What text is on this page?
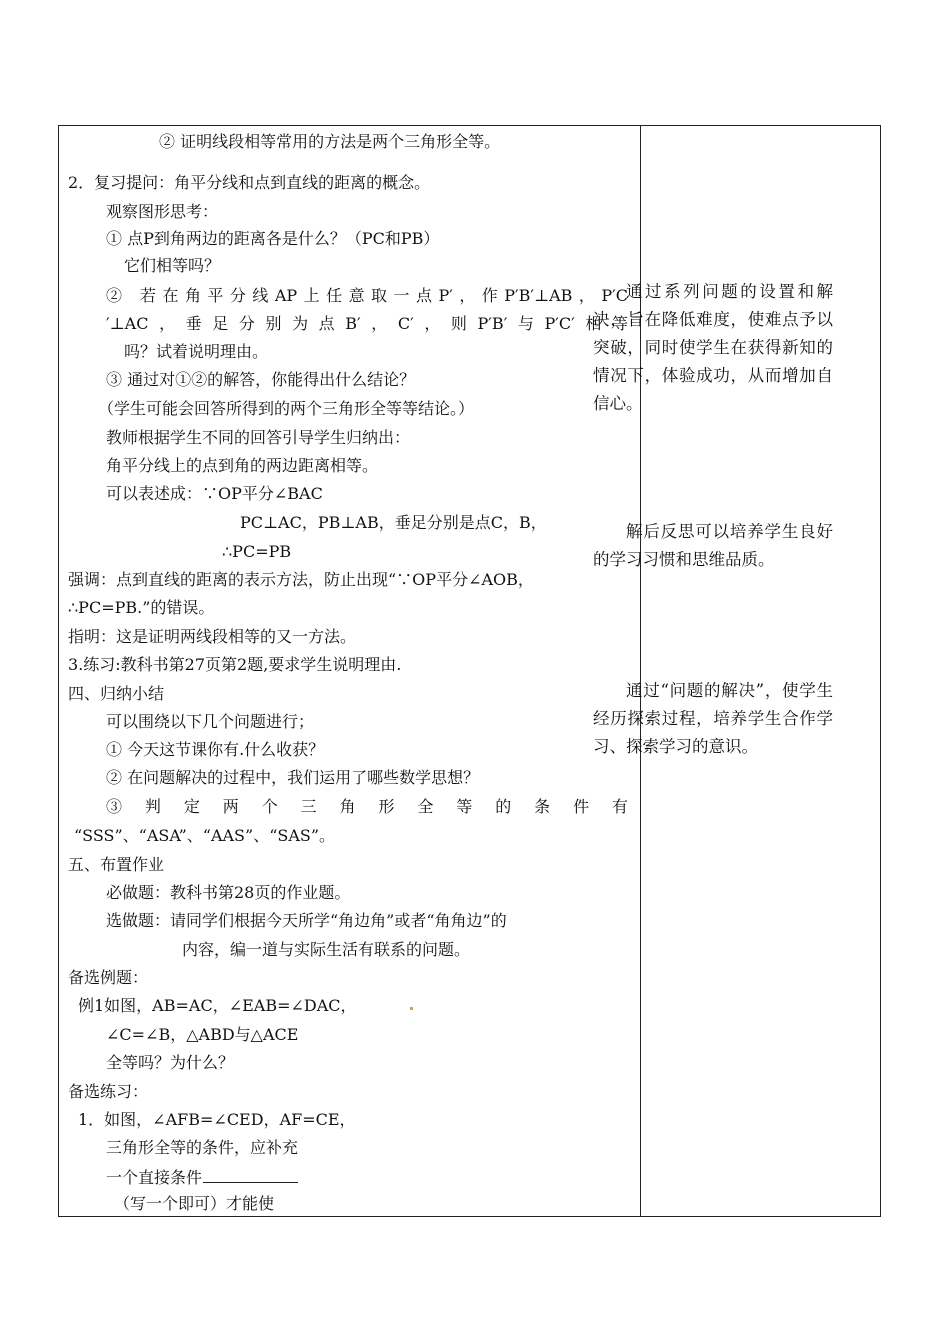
② 证明线段相等常用的方法是两个三角形全等。
2．复习提问：角平分线和点到直线的距离的概念。
观察图形思考：
① 点P到角两边的距离各是什么？（PC和PB）
它们相等吗？
② 若在角平分线AP上任意取一点P′，作P′B′⊥AB，P′C
′⊥AC，垂足分别为点B′，C′，则P′B′与P′C′相等
吗？试着说明理由。
③ 通过对①②的解答，你能得出什么结论？
（学生可能会回答所得到的两个三角形全等等结论。）
教师根据学生不同的回答引导学生归纳出：
角平分线上的点到角的两边距离相等。
可以表述成：∵OP平分∠BAC
PC⊥AC，PB⊥AB，垂足分别是点C，B，
∴PC=PB
强调：点到直线的距离的表示方法，防止出现“∵OP平分∠AOB，
∴PC=PB.”的错误。
指明：这是证明两线段相等的又一方法。
3.练习:教科书第27页第2题,要求学生说明理由.
四、归纳小结
可以围绕以下几个问题进行；
① 今天这节课你有.什么收获？
② 在问题解决的过程中，我们运用了哪些数学思想？
③ 判 定 两 个 三 角 形 全 等 的 条 件 有
“SSS”、“ASA”、“AAS”、“SAS”。
五、布置作业
必做题：教科书第28页的作业题。
选做题：请同学们根据今天所学“角边角”或者“角角边”的
内容，编一道与实际生活有联系的问题。
备选例题：
例1如图，AB=AC，∠EAB=∠DAC，
∠C=∠B，△ABD与△ACE
全等吗？为什么？
备选练习：
1．如图，∠AFB=∠CED，AF=CE，
三角形全等的条件，应补充
一个直接条件
（写一个即可）才能使

通过系列问题的设置和解决，旨在降低难度，使难点予以突破，同时使学生在获得新知的情况下，体验成功，从而增加自信心。

解后反思可以培养学生良好的学习习惯和思维品质。

通过“问题的解决”，使学生经历探索过程，培养学生合作学习、探索学习的意识。
